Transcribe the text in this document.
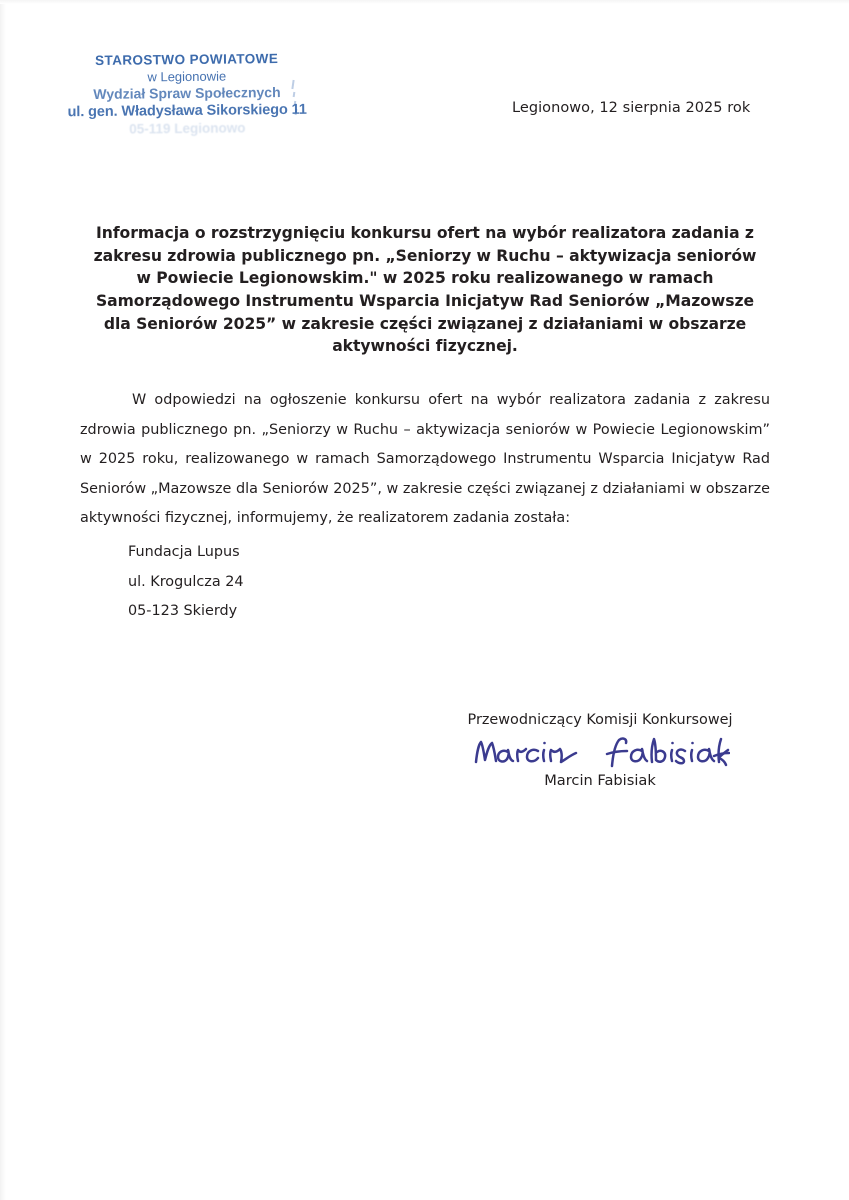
STAROSTWO POWIATOWE
w Legionowie
Wydział Spraw Społecznych
ul. gen. Władysława Sikorskiego 11
05-119 Legionowo
Legionowo, 12 sierpnia 2025 rok
Informacja o rozstrzygnięciu konkursu ofert na wybór realizatora zadania z zakresu zdrowia publicznego pn. „Seniorzy w Ruchu – aktywizacja seniorów w Powiecie Legionowskim." w 2025 roku realizowanego w ramach Samorządowego Instrumentu Wsparcia Inicjatyw Rad Seniorów „Mazowsze dla Seniorów 2025” w zakresie części związanej z działaniami w obszarze aktywności fizycznej.
W odpowiedzi na ogłoszenie konkursu ofert na wybór realizatora zadania z zakresu zdrowia publicznego pn. „Seniorzy w Ruchu – aktywizacja seniorów w Powiecie Legionowskim” w 2025 roku, realizowanego w ramach Samorządowego Instrumentu Wsparcia Inicjatyw Rad Seniorów „Mazowsze dla Seniorów 2025”, w zakresie części związanej z działaniami w obszarze aktywności fizycznej, informujemy, że realizatorem zadania została:
Fundacja Lupus
ul. Krogulcza 24
05-123 Skierdy
Przewodniczący Komisji Konkursowej
Marcin Fabisiak
